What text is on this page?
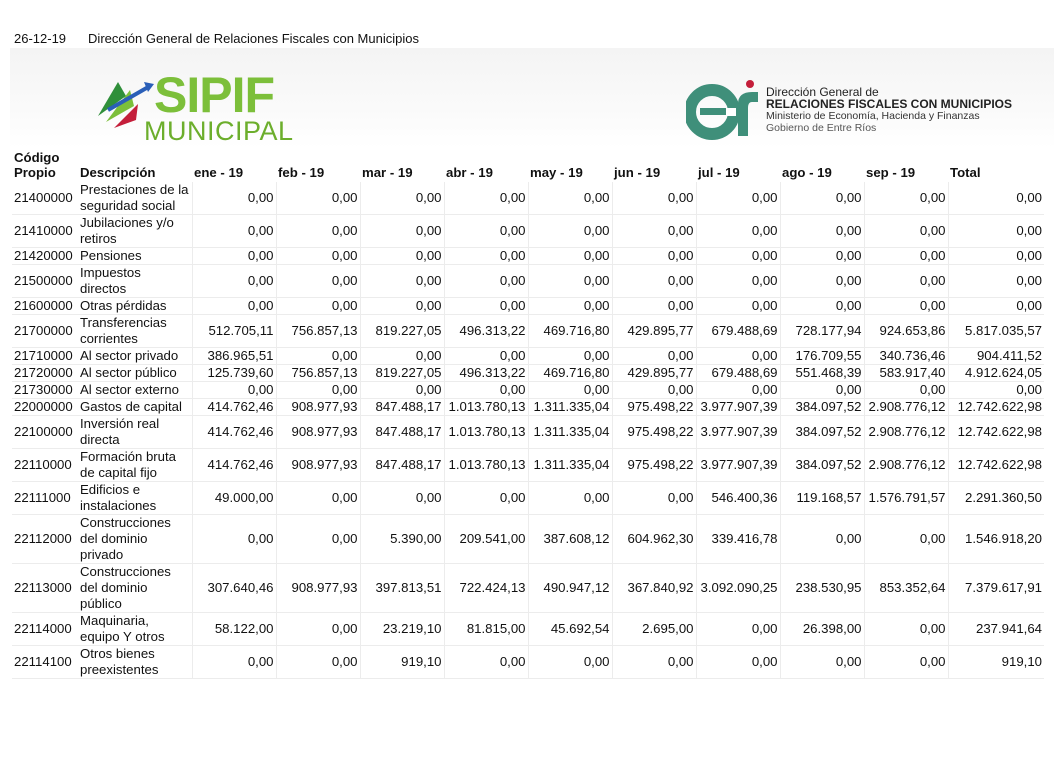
26-12-19 Dirección General de Relaciones Fiscales con Municipios
SIPIF
MUNICIPAL
Dirección General de
RELACIONES FISCALES CON MUNICIPIOS
Ministerio de Economía, Hacienda y Finanzas
Gobierno de Entre Ríos
Código Propio	Descripción	ene - 19	feb - 19	mar - 19	abr - 19	may - 19	jun - 19	jul - 19	ago - 19	sep - 19	Total
21400000	Prestaciones de la seguridad social	0,00	0,00	0,00	0,00	0,00	0,00	0,00	0,00	0,00	0,00
21410000	Jubilaciones y/o retiros	0,00	0,00	0,00	0,00	0,00	0,00	0,00	0,00	0,00	0,00
21420000	Pensiones	0,00	0,00	0,00	0,00	0,00	0,00	0,00	0,00	0,00	0,00
21500000	Impuestos directos	0,00	0,00	0,00	0,00	0,00	0,00	0,00	0,00	0,00	0,00
21600000	Otras pérdidas	0,00	0,00	0,00	0,00	0,00	0,00	0,00	0,00	0,00	0,00
21700000	Transferencias corrientes	512.705,11	756.857,13	819.227,05	496.313,22	469.716,80	429.895,77	679.488,69	728.177,94	924.653,86	5.817.035,57
21710000	Al sector privado	386.965,51	0,00	0,00	0,00	0,00	0,00	0,00	176.709,55	340.736,46	904.411,52
21720000	Al sector público	125.739,60	756.857,13	819.227,05	496.313,22	469.716,80	429.895,77	679.488,69	551.468,39	583.917,40	4.912.624,05
21730000	Al sector externo	0,00	0,00	0,00	0,00	0,00	0,00	0,00	0,00	0,00	0,00
22000000	Gastos de capital	414.762,46	908.977,93	847.488,17	1.013.780,13	1.311.335,04	975.498,22	3.977.907,39	384.097,52	2.908.776,12	12.742.622,98
22100000	Inversión real directa	414.762,46	908.977,93	847.488,17	1.013.780,13	1.311.335,04	975.498,22	3.977.907,39	384.097,52	2.908.776,12	12.742.622,98
22110000	Formación bruta de capital fijo	414.762,46	908.977,93	847.488,17	1.013.780,13	1.311.335,04	975.498,22	3.977.907,39	384.097,52	2.908.776,12	12.742.622,98
22111000	Edificios e instalaciones	49.000,00	0,00	0,00	0,00	0,00	0,00	546.400,36	119.168,57	1.576.791,57	2.291.360,50
22112000	Construcciones del dominio privado	0,00	0,00	5.390,00	209.541,00	387.608,12	604.962,30	339.416,78	0,00	0,00	1.546.918,20
22113000	Construcciones del dominio público	307.640,46	908.977,93	397.813,51	722.424,13	490.947,12	367.840,92	3.092.090,25	238.530,95	853.352,64	7.379.617,91
22114000	Maquinaria, equipo Y otros	58.122,00	0,00	23.219,10	81.815,00	45.692,54	2.695,00	0,00	26.398,00	0,00	237.941,64
22114100	Otros bienes preexistentes	0,00	0,00	919,10	0,00	0,00	0,00	0,00	0,00	0,00	919,10
